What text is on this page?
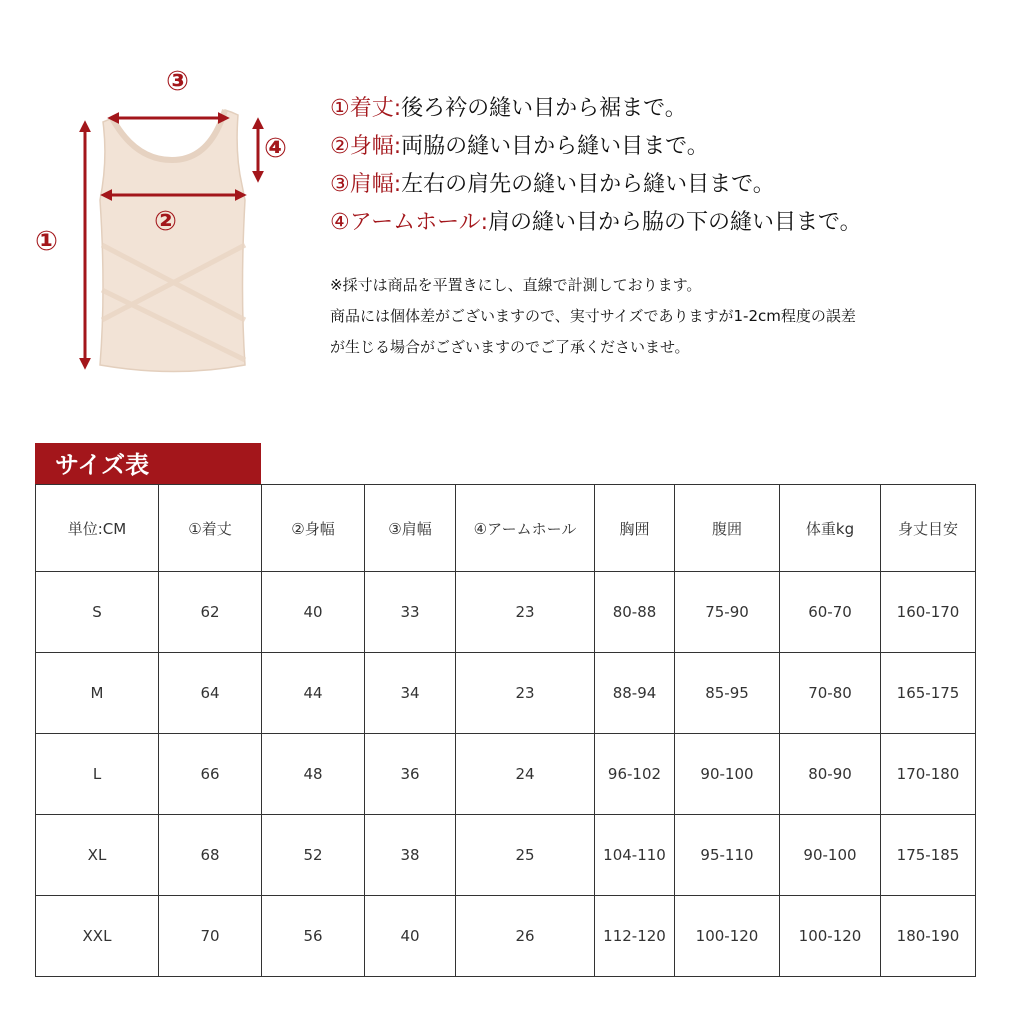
③
④
②
①
①着丈:後ろ衿の縫い目から裾まで。
②身幅:両脇の縫い目から縫い目まで。
③肩幅:左右の肩先の縫い目から縫い目まで。
④アームホール:肩の縫い目から脇の下の縫い目まで。
※採寸は商品を平置きにし、直線で計測しております。
商品には個体差がございますので、実寸サイズでありますが1-2cm程度の誤差
が生じる場合がございますのでご了承くださいませ。
サイズ表
単位:CM	①着丈	②身幅	③肩幅	④アームホール	胸囲	腹囲	体重kg	身丈目安
S	62	40	33	23	80-88	75-90	60-70	160-170
M	64	44	34	23	88-94	85-95	70-80	165-175
L	66	48	36	24	96-102	90-100	80-90	170-180
XL	68	52	38	25	104-110	95-110	90-100	175-185
XXL	70	56	40	26	112-120	100-120	100-120	180-190
